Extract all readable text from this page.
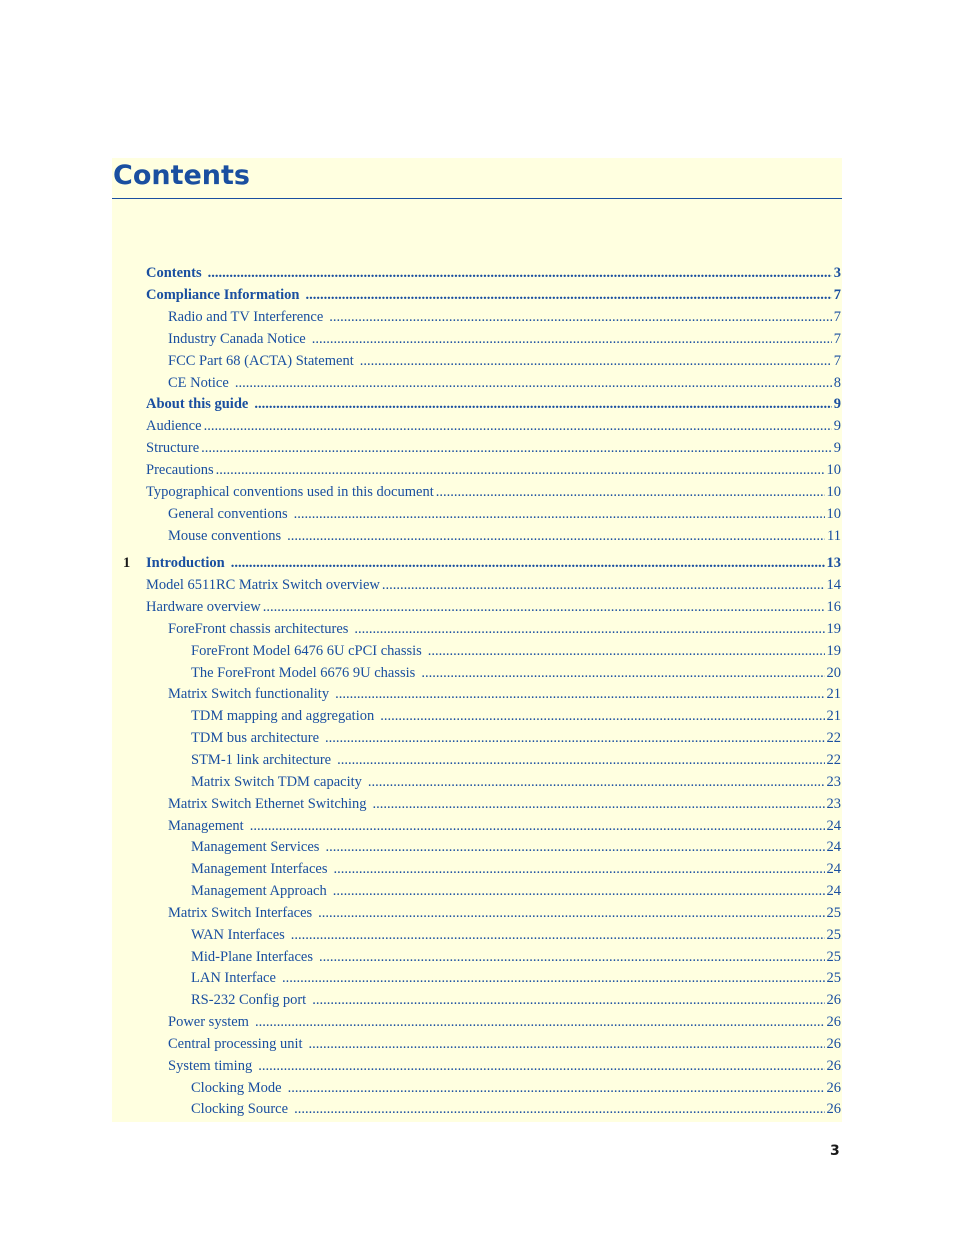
Contents
Contents .....	3
Compliance Information .....	7
Radio and TV Interference .....	7
Industry Canada Notice .....	7
FCC Part 68 (ACTA) Statement .....	7
CE Notice .....	8
About this guide .....	9
Audience .....	9
Structure .....	9
Precautions .....	10
Typographical conventions used in this document .....	10
General conventions .....	10
Mouse conventions .....	11
1 Introduction .....	13
Model 6511RC Matrix Switch overview .....	14
Hardware overview .....	16
ForeFront chassis architectures .....	19
ForeFront Model 6476 6U cPCI chassis .....	19
The ForeFront Model 6676 9U chassis .....	20
Matrix Switch functionality .....	21
TDM mapping and aggregation .....	21
TDM bus architecture .....	22
STM-1 link architecture .....	22
Matrix Switch TDM capacity .....	23
Matrix Switch Ethernet Switching .....	23
Management .....	24
Management Services .....	24
Management Interfaces .....	24
Management Approach .....	24
Matrix Switch Interfaces .....	25
WAN Interfaces .....	25
Mid-Plane Interfaces .....	25
LAN Interface .....	25
RS-232 Config port .....	26
Power system .....	26
Central processing unit .....	26
System timing .....	26
Clocking Mode .....	26
Clocking Source .....	26
3
